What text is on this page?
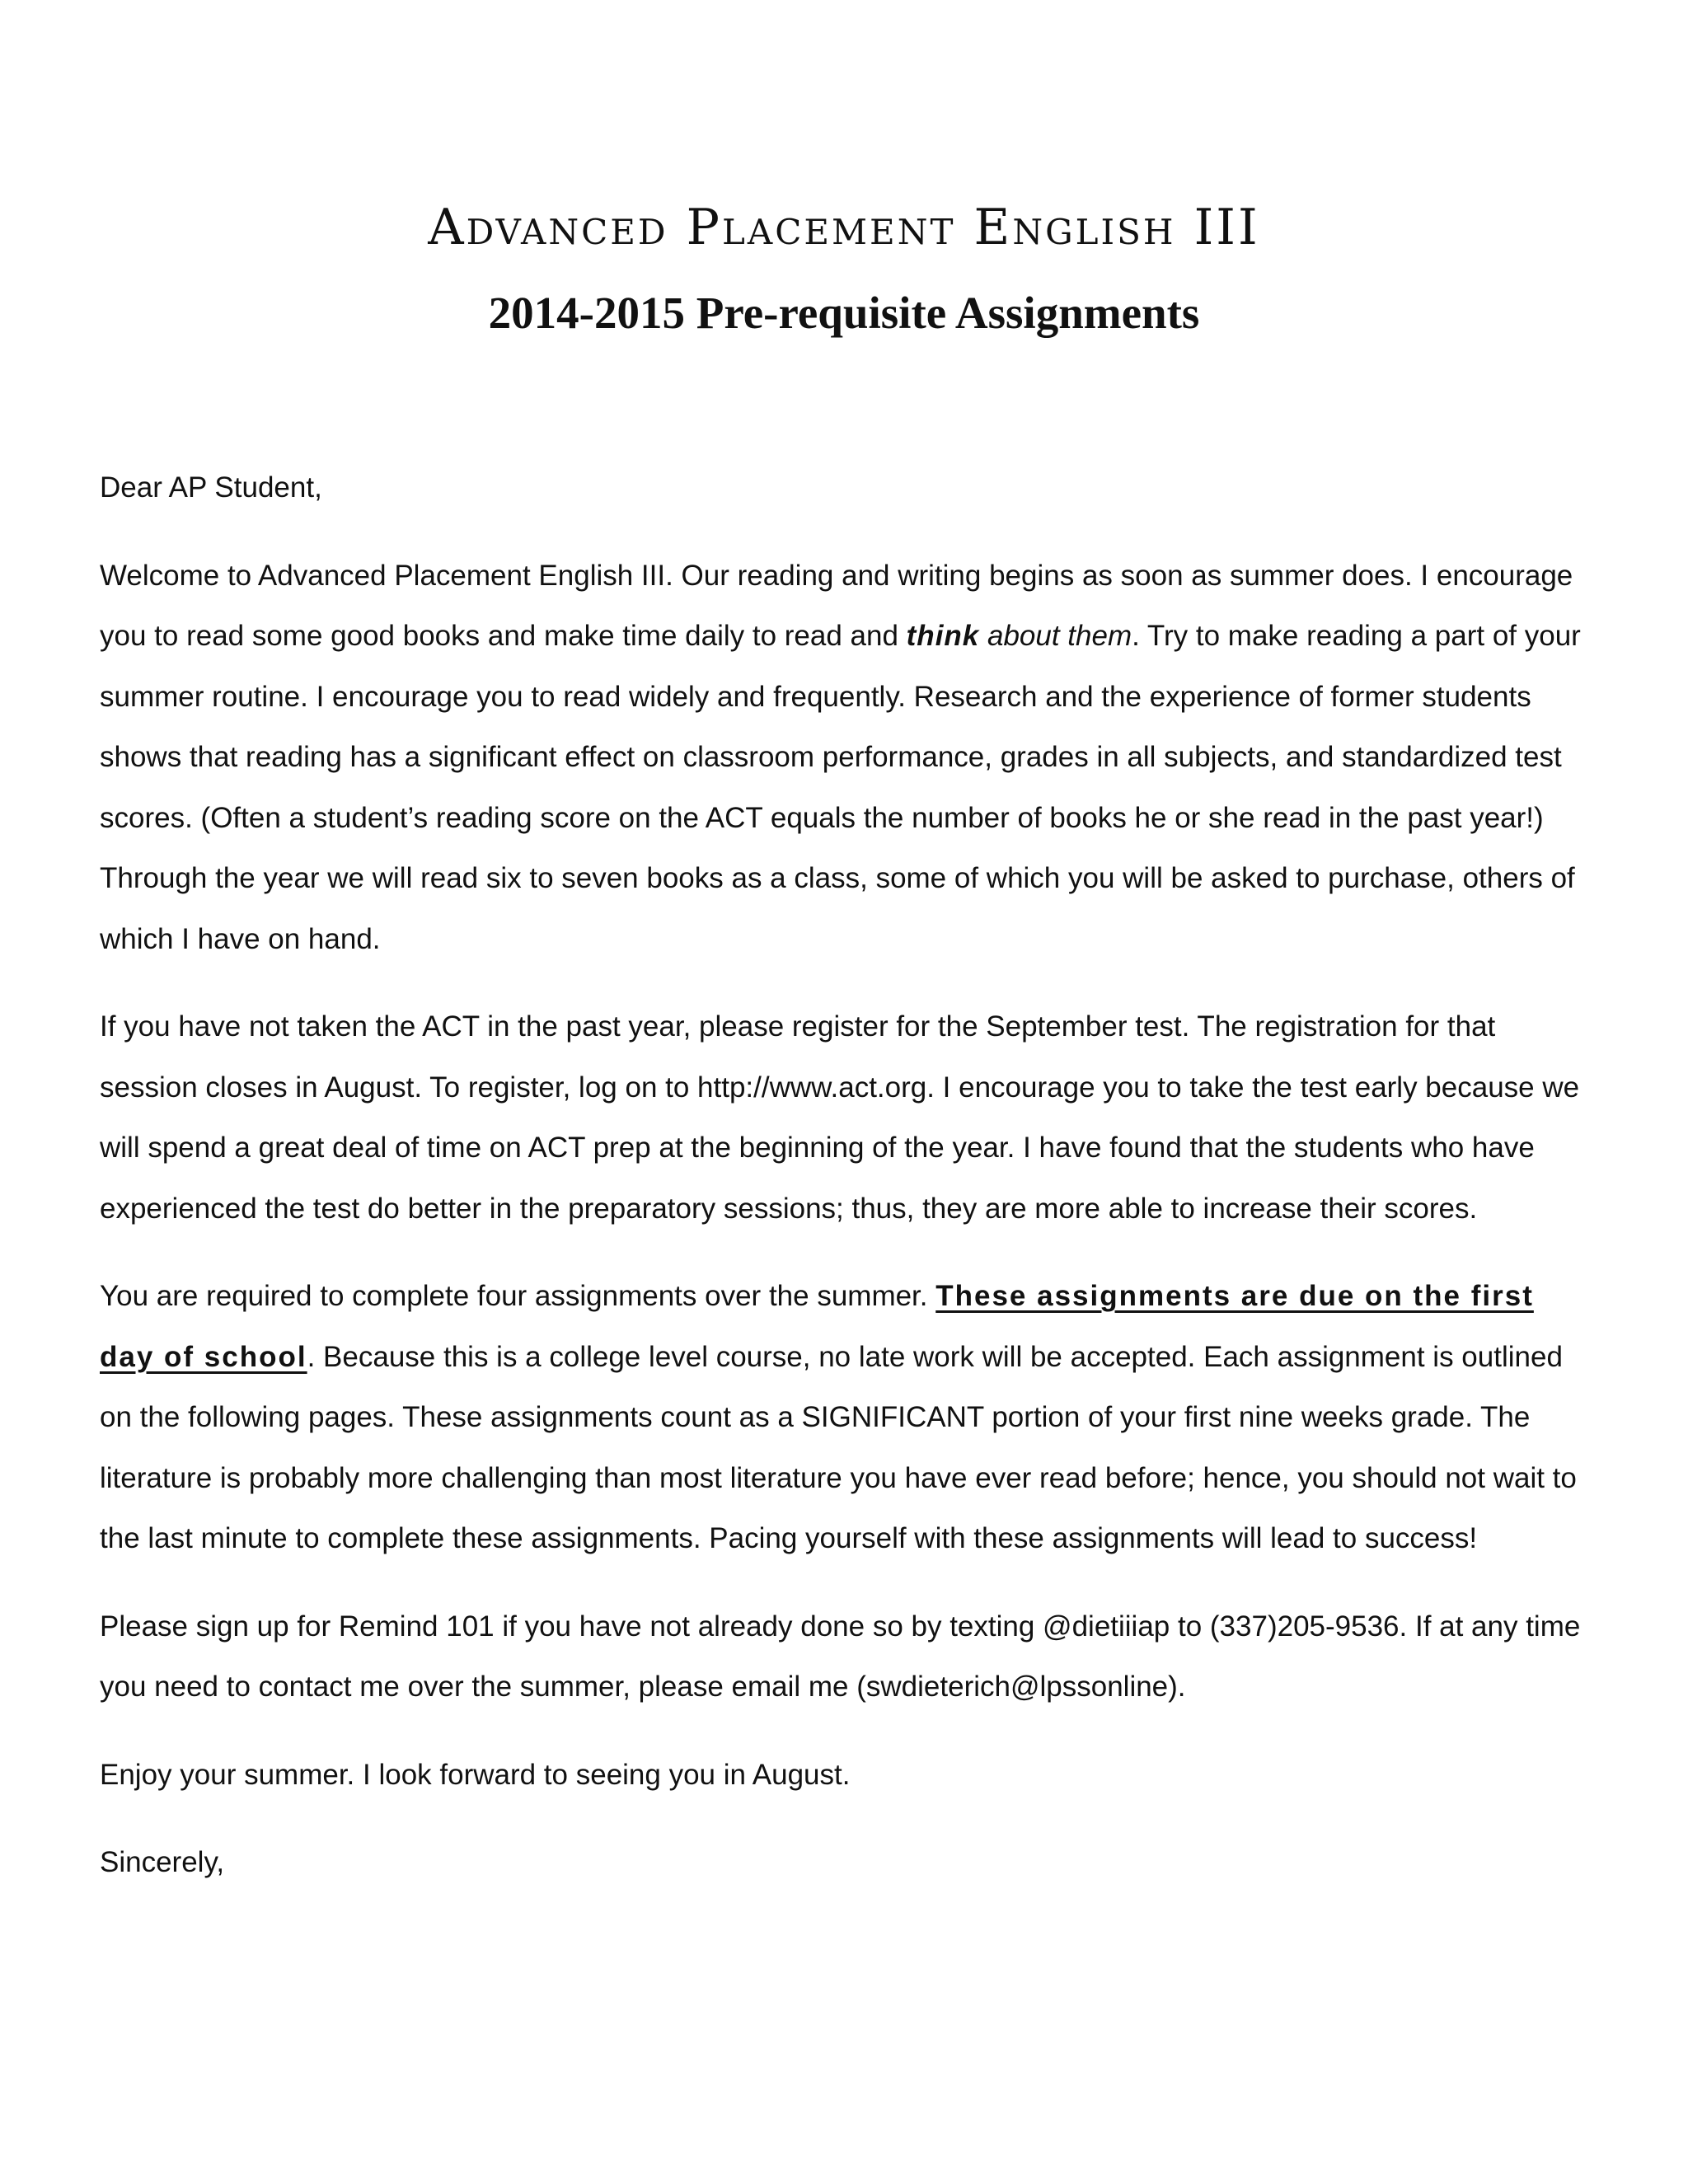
Advanced Placement English III
2014-2015 Pre-requisite Assignments

Dear AP Student,

Welcome to Advanced Placement English III. Our reading and writing begins as soon as summer does. I encourage you to read some good books and make time daily to read and think about them. Try to make reading a part of your summer routine. I encourage you to read widely and frequently. Research and the experience of former students shows that reading has a significant effect on classroom performance, grades in all subjects, and standardized test scores. (Often a student’s reading score on the ACT equals the number of books he or she read in the past year!) Through the year we will read six to seven books as a class, some of which you will be asked to purchase, others of which I have on hand.

If you have not taken the ACT in the past year, please register for the September test. The registration for that session closes in August. To register, log on to http://www.act.org. I encourage you to take the test early because we will spend a great deal of time on ACT prep at the beginning of the year. I have found that the students who have experienced the test do better in the preparatory sessions; thus, they are more able to increase their scores.

You are required to complete four assignments over the summer. These assignments are due on the first day of school. Because this is a college level course, no late work will be accepted. Each assignment is outlined on the following pages. These assignments count as a SIGNIFICANT portion of your first nine weeks grade. The literature is probably more challenging than most literature you have ever read before; hence, you should not wait to the last minute to complete these assignments. Pacing yourself with these assignments will lead to success!

Please sign up for Remind 101 if you have not already done so by texting @dietiiiap to (337)205-9536. If at any time you need to contact me over the summer, please email me (swdieterich@lpssonline).

Enjoy your summer. I look forward to seeing you in August.

Sincerely,
